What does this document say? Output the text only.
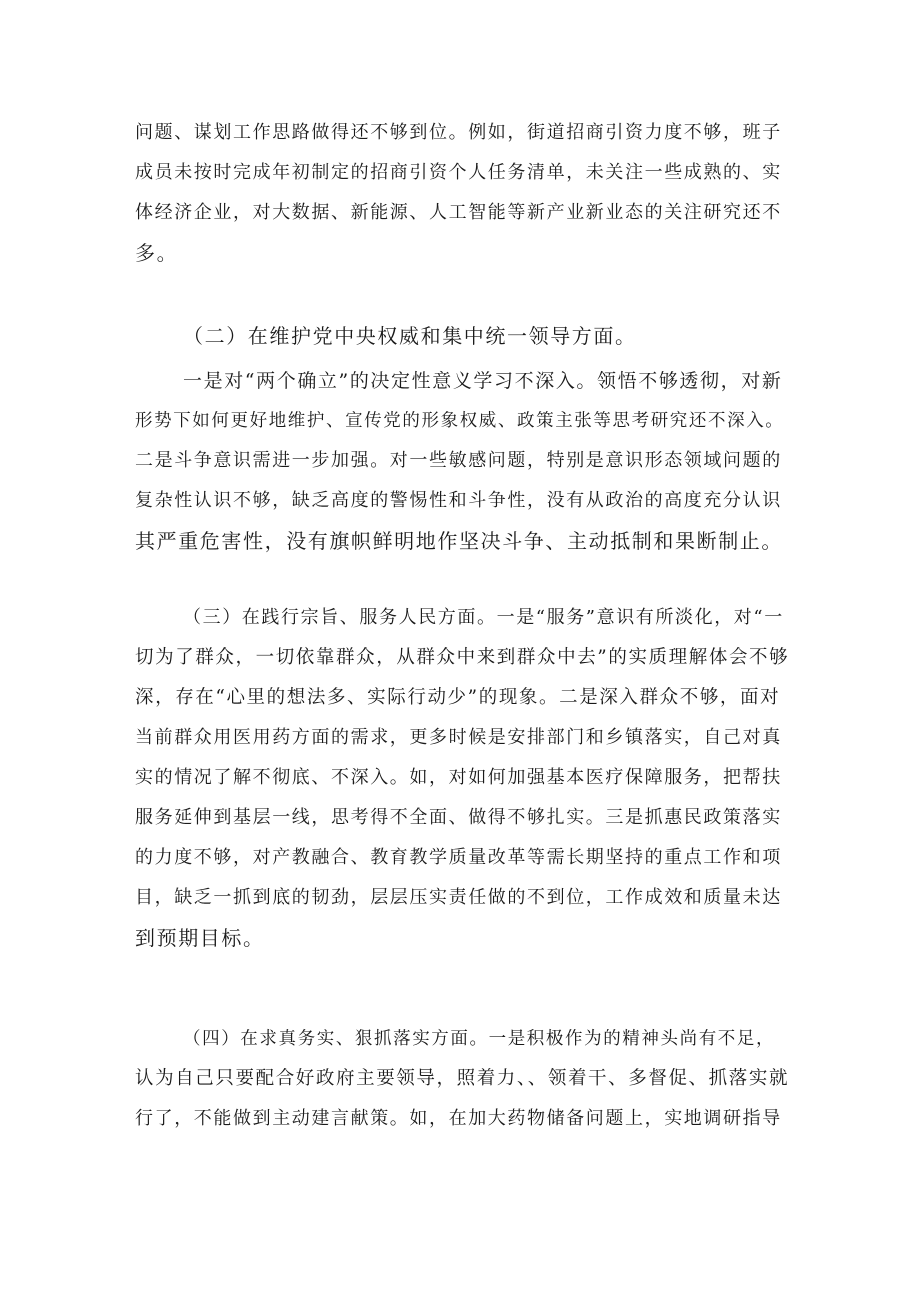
问题、谋划工作思路做得还不够到位。例如，街道招商引资力度不够，班子
成员未按时完成年初制定的招商引资个人任务清单，未关注一些成熟的、实
体经济企业，对大数据、新能源、人工智能等新产业新业态的关注研究还不
多。
（二）在维护党中央权威和集中统一领导方面。
一是对“两个确立”的决定性意义学习不深入。领悟不够透彻，对新
形势下如何更好地维护、宣传党的形象权威、政策主张等思考研究还不深入。
二是斗争意识需进一步加强。对一些敏感问题，特别是意识形态领域问题的
复杂性认识不够，缺乏高度的警惕性和斗争性，没有从政治的高度充分认识
其严重危害性，没有旗帜鲜明地作坚决斗争、主动抵制和果断制止。
（三）在践行宗旨、服务人民方面。一是“服务”意识有所淡化，对“一
切为了群众，一切依靠群众，从群众中来到群众中去”的实质理解体会不够
深，存在“心里的想法多、实际行动少”的现象。二是深入群众不够，面对
当前群众用医用药方面的需求，更多时候是安排部门和乡镇落实，自己对真
实的情况了解不彻底、不深入。如，对如何加强基本医疗保障服务，把帮扶
服务延伸到基层一线，思考得不全面、做得不够扎实。三是抓惠民政策落实
的力度不够，对产教融合、教育教学质量改革等需长期坚持的重点工作和项
目，缺乏一抓到底的韧劲，层层压实责任做的不到位，工作成效和质量未达
到预期目标。
（四）在求真务实、狠抓落实方面。一是积极作为的精神头尚有不足，
认为自己只要配合好政府主要领导，照着力、、领着干、多督促、抓落实就
行了，不能做到主动建言献策。如，在加大药物储备问题上，实地调研指导
